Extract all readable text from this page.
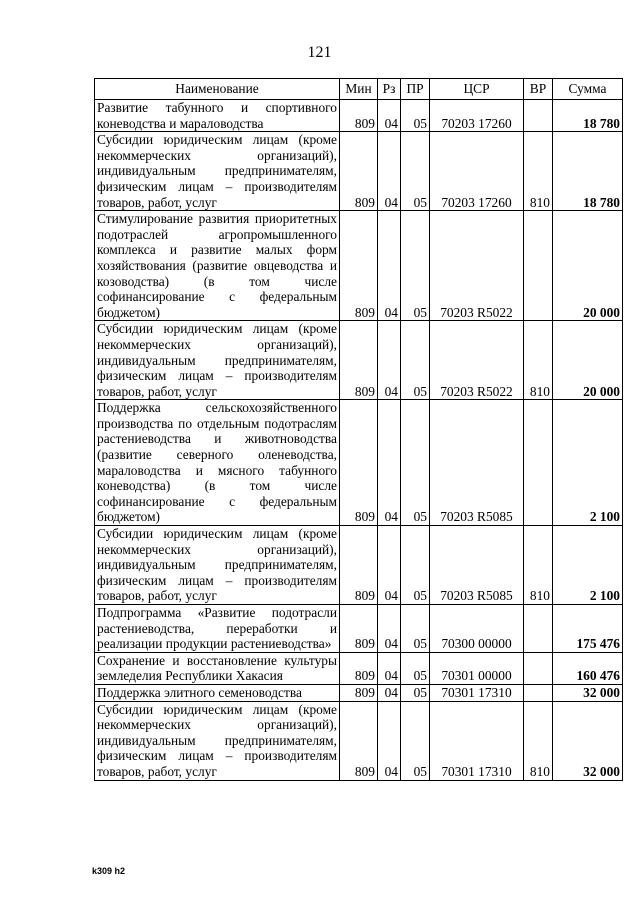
121
Наименование	Мин	Рз	ПР	ЦСР	ВР	Сумма
Развитие табунного и спортивного коневодства и мараловодства	809	04	05	70203 17260		18 780
Субсидии юридическим лицам (кроме некоммерческих организаций), индивидуальным предпринимателям, физическим лицам – производителям товаров, работ, услуг	809	04	05	70203 17260	810	18 780
Стимулирование развития приоритетных подотраслей агропромышленного комплекса и развитие малых форм хозяйствования (развитие овцеводства и козоводства) (в том числе софинансирование с федеральным бюджетом)	809	04	05	70203 R5022		20 000
Субсидии юридическим лицам (кроме некоммерческих организаций), индивидуальным предпринимателям, физическим лицам – производителям товаров, работ, услуг	809	04	05	70203 R5022	810	20 000
Поддержка сельскохозяйственного производства по отдельным подотраслям растениеводства и животноводства (развитие северного оленеводства, мараловодства и мясного табунного коневодства) (в том числе софинансирование с федеральным бюджетом)	809	04	05	70203 R5085		2 100
Субсидии юридическим лицам (кроме некоммерческих организаций), индивидуальным предпринимателям, физическим лицам – производителям товаров, работ, услуг	809	04	05	70203 R5085	810	2 100
Подпрограмма «Развитие подотрасли растениеводства, переработки и реализации продукции растениеводства»	809	04	05	70300 00000		175 476
Сохранение и восстановление культуры земледелия Республики Хакасия	809	04	05	70301 00000		160 476
Поддержка элитного семеноводства	809	04	05	70301 17310		32 000
Субсидии юридическим лицам (кроме некоммерческих организаций), индивидуальным предпринимателям, физическим лицам – производителям товаров, работ, услуг	809	04	05	70301 17310	810	32 000
k309 h2
